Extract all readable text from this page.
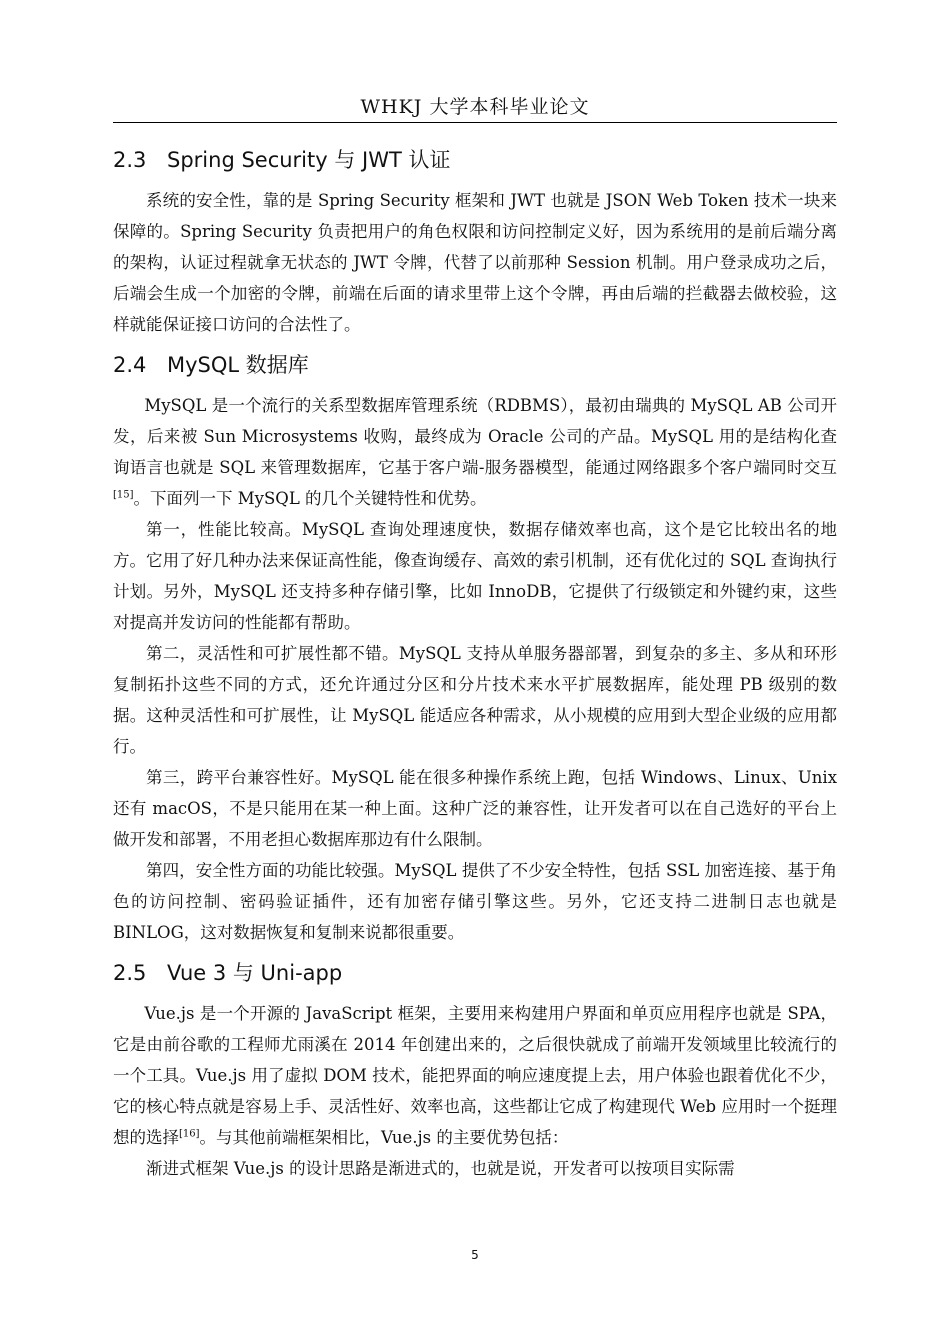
WHKJ 大学本科毕业论文
2.3 Spring Security 与 JWT 认证

系统的安全性，靠的是 Spring Security 框架和 JWT 也就是 JSON Web Token 技术一块来保障的。Spring Security 负责把用户的角色权限和访问控制定义好，因为系统用的是前后端分离的架构，认证过程就拿无状态的 JWT 令牌，代替了以前那种 Session 机制。用户登录成功之后，后端会生成一个加密的令牌，前端在后面的请求里带上这个令牌，再由后端的拦截器去做校验，这样就能保证接口访问的合法性了。

2.4 MySQL 数据库

MySQL 是一个流行的关系型数据库管理系统（RDBMS），最初由瑞典的 MySQL AB 公司开发，后来被 Sun Microsystems 收购，最终成为 Oracle 公司的产品。MySQL 用的是结构化查询语言也就是 SQL 来管理数据库，它基于客户端-服务器模型，能通过网络跟多个客户端同时交互[15]。下面列一下 MySQL 的几个关键特性和优势。

第一，性能比较高。MySQL 查询处理速度快，数据存储效率也高，这个是它比较出名的地方。它用了好几种办法来保证高性能，像查询缓存、高效的索引机制，还有优化过的 SQL 查询执行计划。另外，MySQL 还支持多种存储引擎，比如 InnoDB，它提供了行级锁定和外键约束，这些对提高并发访问的性能都有帮助。

第二，灵活性和可扩展性都不错。MySQL 支持从单服务器部署，到复杂的多主、多从和环形复制拓扑这些不同的方式，还允许通过分区和分片技术来水平扩展数据库，能处理 PB 级别的数据。这种灵活性和可扩展性，让 MySQL 能适应各种需求，从小规模的应用到大型企业级的应用都行。

第三，跨平台兼容性好。MySQL 能在很多种操作系统上跑，包括 Windows、Linux、Unix 还有 macOS，不是只能用在某一种上面。这种广泛的兼容性，让开发者可以在自己选好的平台上做开发和部署，不用老担心数据库那边有什么限制。

第四，安全性方面的功能比较强。MySQL 提供了不少安全特性，包括 SSL 加密连接、基于角色的访问控制、密码验证插件，还有加密存储引擎这些。另外，它还支持二进制日志也就是 BINLOG，这对数据恢复和复制来说都很重要。

2.5 Vue 3 与 Uni-app

Vue.js 是一个开源的 JavaScript 框架，主要用来构建用户界面和单页应用程序也就是 SPA，它是由前谷歌的工程师尤雨溪在 2014 年创建出来的，之后很快就成了前端开发领域里比较流行的一个工具。Vue.js 用了虚拟 DOM 技术，能把界面的响应速度提上去，用户体验也跟着优化不少，它的核心特点就是容易上手、灵活性好、效率也高，这些都让它成了构建现代 Web 应用时一个挺理想的选择[16]。与其他前端框架相比，Vue.js 的主要优势包括：

渐进式框架 Vue.js 的设计思路是渐进式的，也就是说，开发者可以按项目实际需

5
